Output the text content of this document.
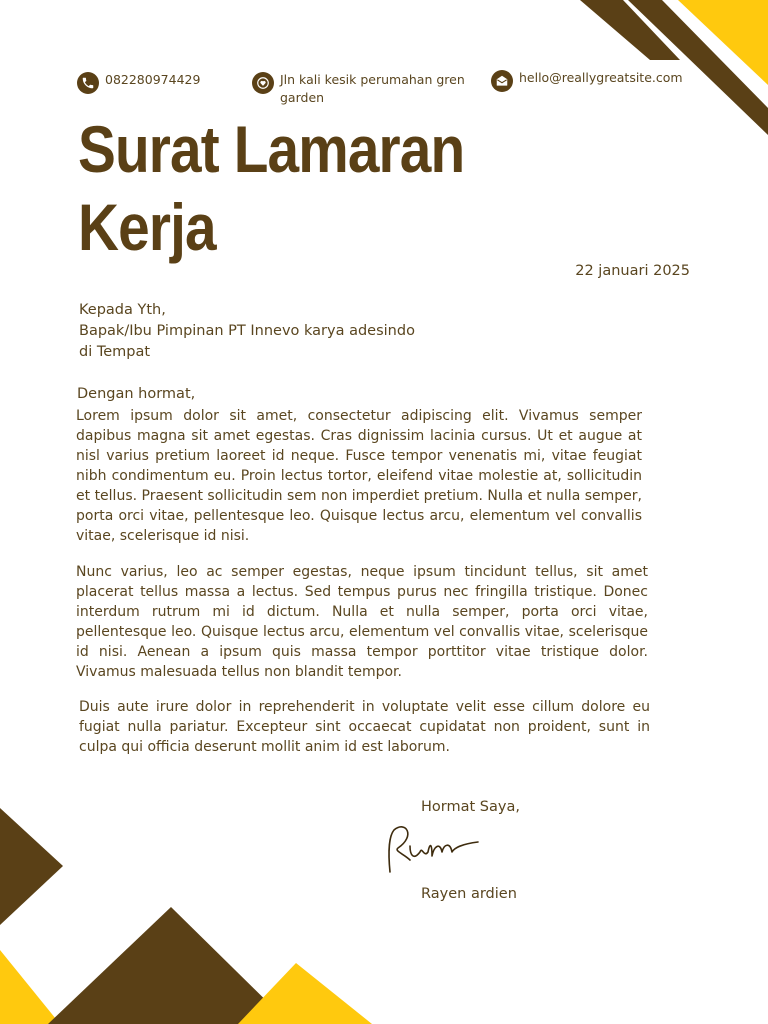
082280974429	Jln kali kesik perumahan gren garden
hello@reallygreatsite.com
Surat Lamaran Kerja
22 januari 2025
Kepada Yth,
Bapak/Ibu Pimpinan PT Innevo karya adesindo
di Tempat
Dengan hormat,

Lorem ipsum dolor sit amet, consectetur adipiscing elit. Vivamus semper dapibus magna sit amet egestas. Cras dignissim lacinia cursus. Ut et augue at nisl varius pretium laoreet id neque. Fusce tempor venenatis mi, vitae feugiat nibh condimentum eu. Proin lectus tortor, eleifend vitae molestie at, sollicitudin et tellus. Praesent sollicitudin sem non imperdiet pretium. Nulla et nulla semper, porta orci vitae, pellentesque leo. Quisque lectus arcu, elementum vel convallis vitae, scelerisque id nisi.

Nunc varius, leo ac semper egestas, neque ipsum tincidunt tellus, sit amet placerat tellus massa a lectus. Sed tempus purus nec fringilla tristique. Donec interdum rutrum mi id dictum. Nulla et nulla semper, porta orci vitae, pellentesque leo. Quisque lectus arcu, elementum vel convallis vitae, scelerisque id nisi. Aenean a ipsum quis massa tempor porttitor vitae tristique dolor. Vivamus malesuada tellus non blandit tempor.

Duis aute irure dolor in reprehenderit in voluptate velit esse cillum dolore eu fugiat nulla pariatur. Excepteur sint occaecat cupidatat non proident, sunt in culpa qui officia deserunt mollit anim id est laborum.

Hormat Saya,
Rayen ardien
